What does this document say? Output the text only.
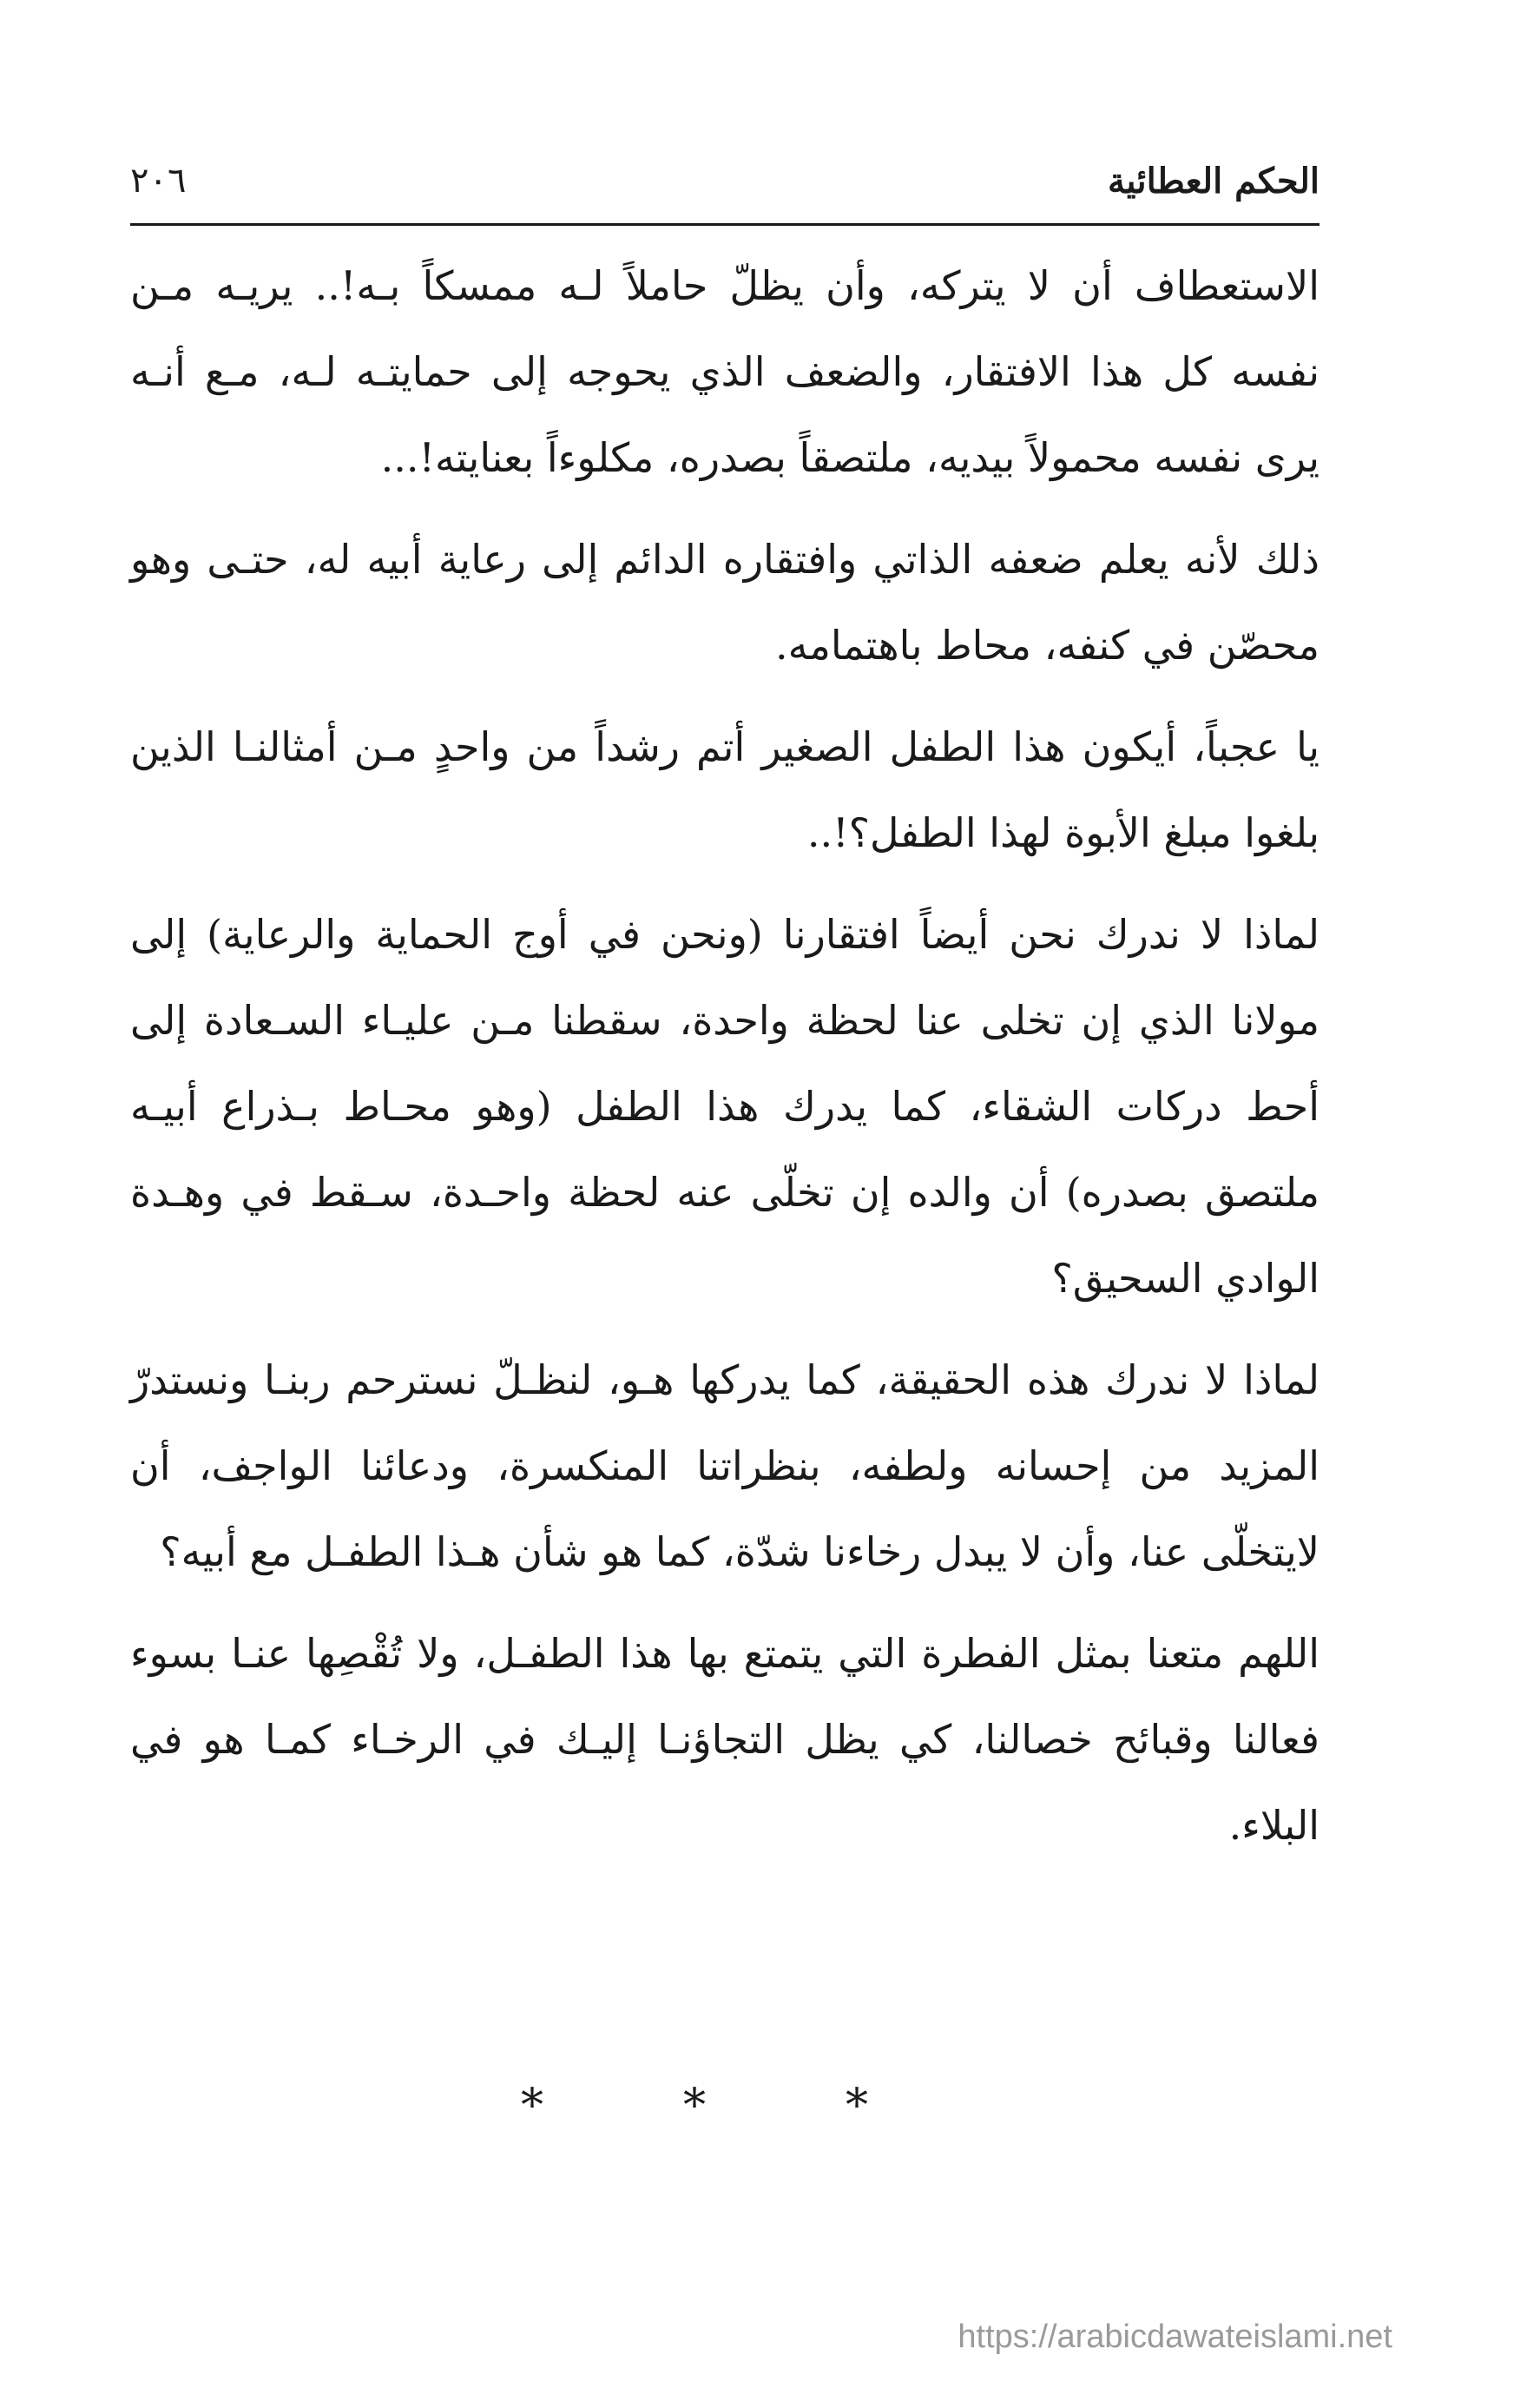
الحكم العطائية
٢٠٦

الاستعطاف أن لا يتركه، وأن يظلّ حاملاً لـه ممسكاً بـه!.. يريـه مـن نفسه كل هذا الافتقار، والضعف الذي يحوجه إلى حمايتـه لـه، مـع أنـه يرى نفسه محمولاً بيديه، ملتصقاً بصدره، مكلوءاً بعنايته!...

ذلك لأنه يعلم ضعفه الذاتي وافتقاره الدائم إلى رعاية أبيه له، حتـى وهو محصّن في كنفه، محاط باهتمامه.

يا عجباً، أيكون هذا الطفل الصغير أتم رشداً من واحدٍ مـن أمثالنـا الذين بلغوا مبلغ الأبوة لهذا الطفل؟!..

لماذا لا ندرك نحن أيضاً افتقارنا (ونحن في أوج الحماية والرعاية) إلى مولانا الذي إن تخلى عنا لحظة واحدة، سقطنا مـن عليـاء السـعادة إلى أحط دركات الشقاء، كما يدرك هذا الطفل (وهو محـاط بـذراع أبيـه ملتصق بصدره) أن والده إن تخلّى عنه لحظة واحـدة، سـقط في وهـدة الوادي السحيق؟

لماذا لا ندرك هذه الحقيقة، كما يدركها هـو، لنظـلّ نسترحم ربنـا ونستدرّ المزيد من إحسانه ولطفه، بنظراتنا المنكسرة، ودعائنا الواجف، أن لايتخلّى عنا، وأن لا يبدل رخاءنا شدّة، كما هو شأن هـذا الطفـل مع أبيه؟

اللهم متعنا بمثل الفطرة التي يتمتع بها هذا الطفـل، ولا تُقْصِها عنـا بسوء فعالنا وقبائح خصالنا، كي يظل التجاؤنـا إليـك في الرخـاء كمـا هو في البلاء.

*	*	*
https://arabicdawateislami.net
